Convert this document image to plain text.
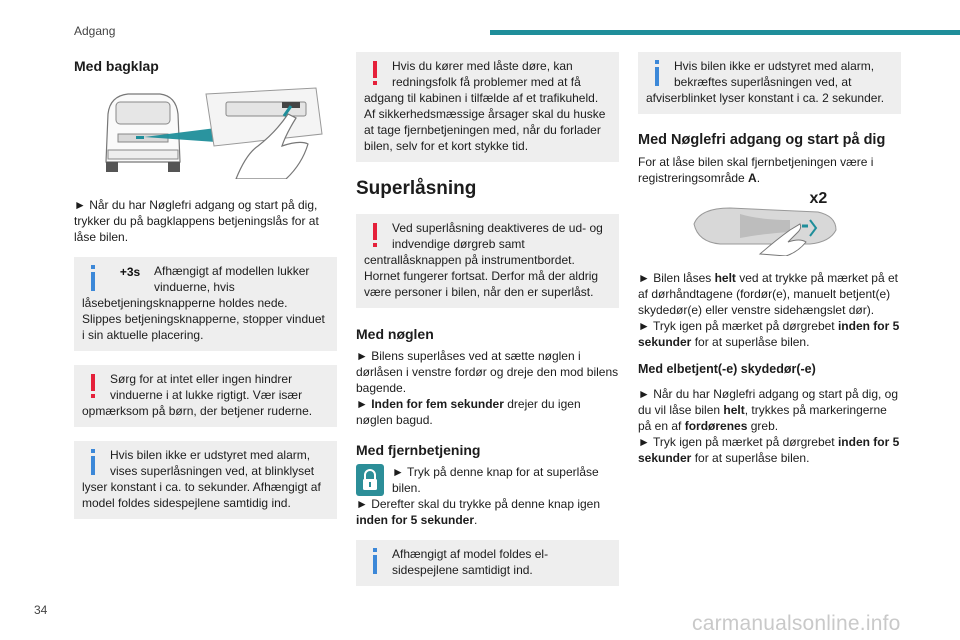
Adgang
Med bagklap

► Når du har Nøglefri adgang og start på dig, trykker du på bagklappens betjeningslås for at låse bilen.

+3s	Afhængigt af modellen lukker vinduerne, hvis låsebetjeningsknapperne holdes nede. Slippes betjeningsknapperne, stopper vinduet i sin aktuelle placering.
Sørg for at intet eller ingen hindrer vinduerne i at lukke rigtigt. Vær især opmærksom på børn, der betjener ruderne.
Hvis bilen ikke er udstyret med alarm, vises superlåsningen ved, at blinklyset lyser konstant i ca. to sekunder. Afhængigt af model foldes sidespejlene samtidig ind.
Hvis du kører med låste døre, kan redningsfolk få problemer med at få adgang til kabinen i tilfælde af et trafikuheld. Af sikkerhedsmæssige årsager skal du huske at tage fjernbetjeningen med, når du forlader bilen, selv for et kort stykke tid.
Superlåsning
Ved superlåsning deaktiveres de ud- og indvendige dørgreb samt centrallåsknappen på instrumentbordet. Hornet fungerer fortsat. Derfor må der aldrig være personer i bilen, når den er superlåst.
Med nøglen

► Bilens superlåses ved at sætte nøglen i dørlåsen i venstre fordør og dreje den mod bilens bagende.

► Inden for fem sekunder drejer du igen nøglen bagud.

Med fjernbetjening

► Tryk på denne knap for at superlåse bilen.

► Derefter skal du trykke på denne knap igen inden for 5 sekunder.

Afhængigt af model foldes el-sidespejlene samtidigt ind.
Hvis bilen ikke er udstyret med alarm, bekræftes superlåsningen ved, at afviserblinket lyser konstant i ca. 2 sekunder.
Med Nøglefri adgang og start på dig

For at låse bilen skal fjernbetjeningen være i registreringsområde A.

x2

► Bilen låses helt ved at trykke på mærket på et af dørhåndtagene (fordør(e), manuelt betjent(e) skydedør(e) eller venstre sidehængslet dør).

► Tryk igen på mærket på dørgrebet inden for 5 sekunder for at superlåse bilen.

Med elbetjent(-e) skydedør(-e)

► Når du har Nøglefri adgang og start på dig, og du vil låse bilen helt, trykkes på markeringerne på en af fordørenes greb.

► Tryk igen på mærket på dørgrebet inden for 5 sekunder for at superlåse bilen.

34
carmanualsonline.info
